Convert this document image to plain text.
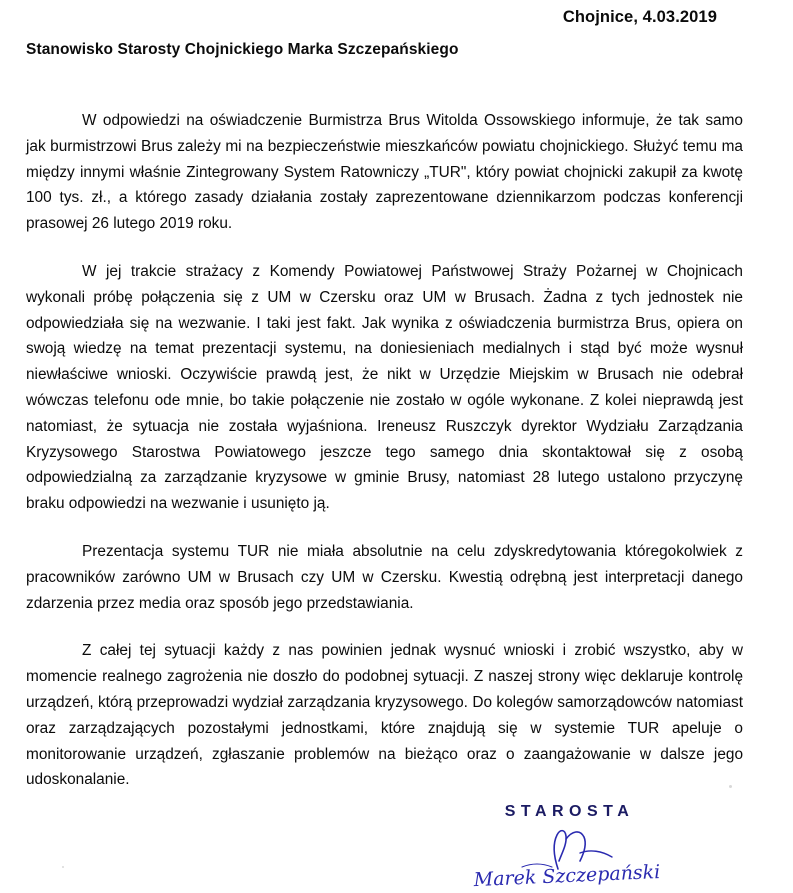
Chojnice, 4.03.2019
Stanowisko Starosty Chojnickiego Marka Szczepańskiego

W odpowiedzi na oświadczenie Burmistrza Brus Witolda Ossowskiego informuje, że tak samo jak burmistrzowi Brus zależy mi na bezpieczeństwie mieszkańców powiatu chojnickiego. Służyć temu ma między innymi właśnie Zintegrowany System Ratowniczy „TUR", który powiat chojnicki zakupił za kwotę 100 tys. zł., a którego zasady działania zostały zaprezentowane dziennikarzom podczas konferencji prasowej 26 lutego 2019 roku.

W jej trakcie strażacy z Komendy Powiatowej Państwowej Straży Pożarnej w Chojnicach wykonali próbę połączenia się z UM w Czersku oraz UM w Brusach. Żadna z tych jednostek nie odpowiedziała się na wezwanie. I taki jest fakt. Jak wynika z oświadczenia burmistrza Brus, opiera on swoją wiedzę na temat prezentacji systemu, na doniesieniach medialnych i stąd być może wysnuł niewłaściwe wnioski. Oczywiście prawdą jest, że nikt w Urzędzie Miejskim w Brusach nie odebrał wówczas telefonu ode mnie, bo takie połączenie nie zostało w ogóle wykonane. Z kolei nieprawdą jest natomiast, że sytuacja nie została wyjaśniona. Ireneusz Ruszczyk dyrektor Wydziału Zarządzania Kryzysowego Starostwa Powiatowego jeszcze tego samego dnia skontaktował się z osobą odpowiedzialną za zarządzanie kryzysowe w gminie Brusy, natomiast 28 lutego ustalono przyczynę braku odpowiedzi na wezwanie i usunięto ją.

Prezentacja systemu TUR nie miała absolutnie na celu zdyskredytowania któregokolwiek z pracowników zarówno UM w Brusach czy UM w Czersku. Kwestią odrębną jest interpretacji danego zdarzenia przez media oraz sposób jego przedstawiania.

Z całej tej sytuacji każdy z nas powinien jednak wysnuć wnioski i zrobić wszystko, aby w momencie realnego zagrożenia nie doszło do podobnej sytuacji. Z naszej strony więc deklaruje kontrolę urządzeń, którą przeprowadzi wydział zarządzania kryzysowego. Do kolegów samorządowców natomiast oraz zarządzających pozostałymi jednostkami, które znajdują się w systemie TUR apeluje o monitorowanie urządzeń, zgłaszanie problemów na bieżąco oraz o zaangażowanie w dalsze jego udoskonalanie.

STAROSTA
Marek Szczepański
